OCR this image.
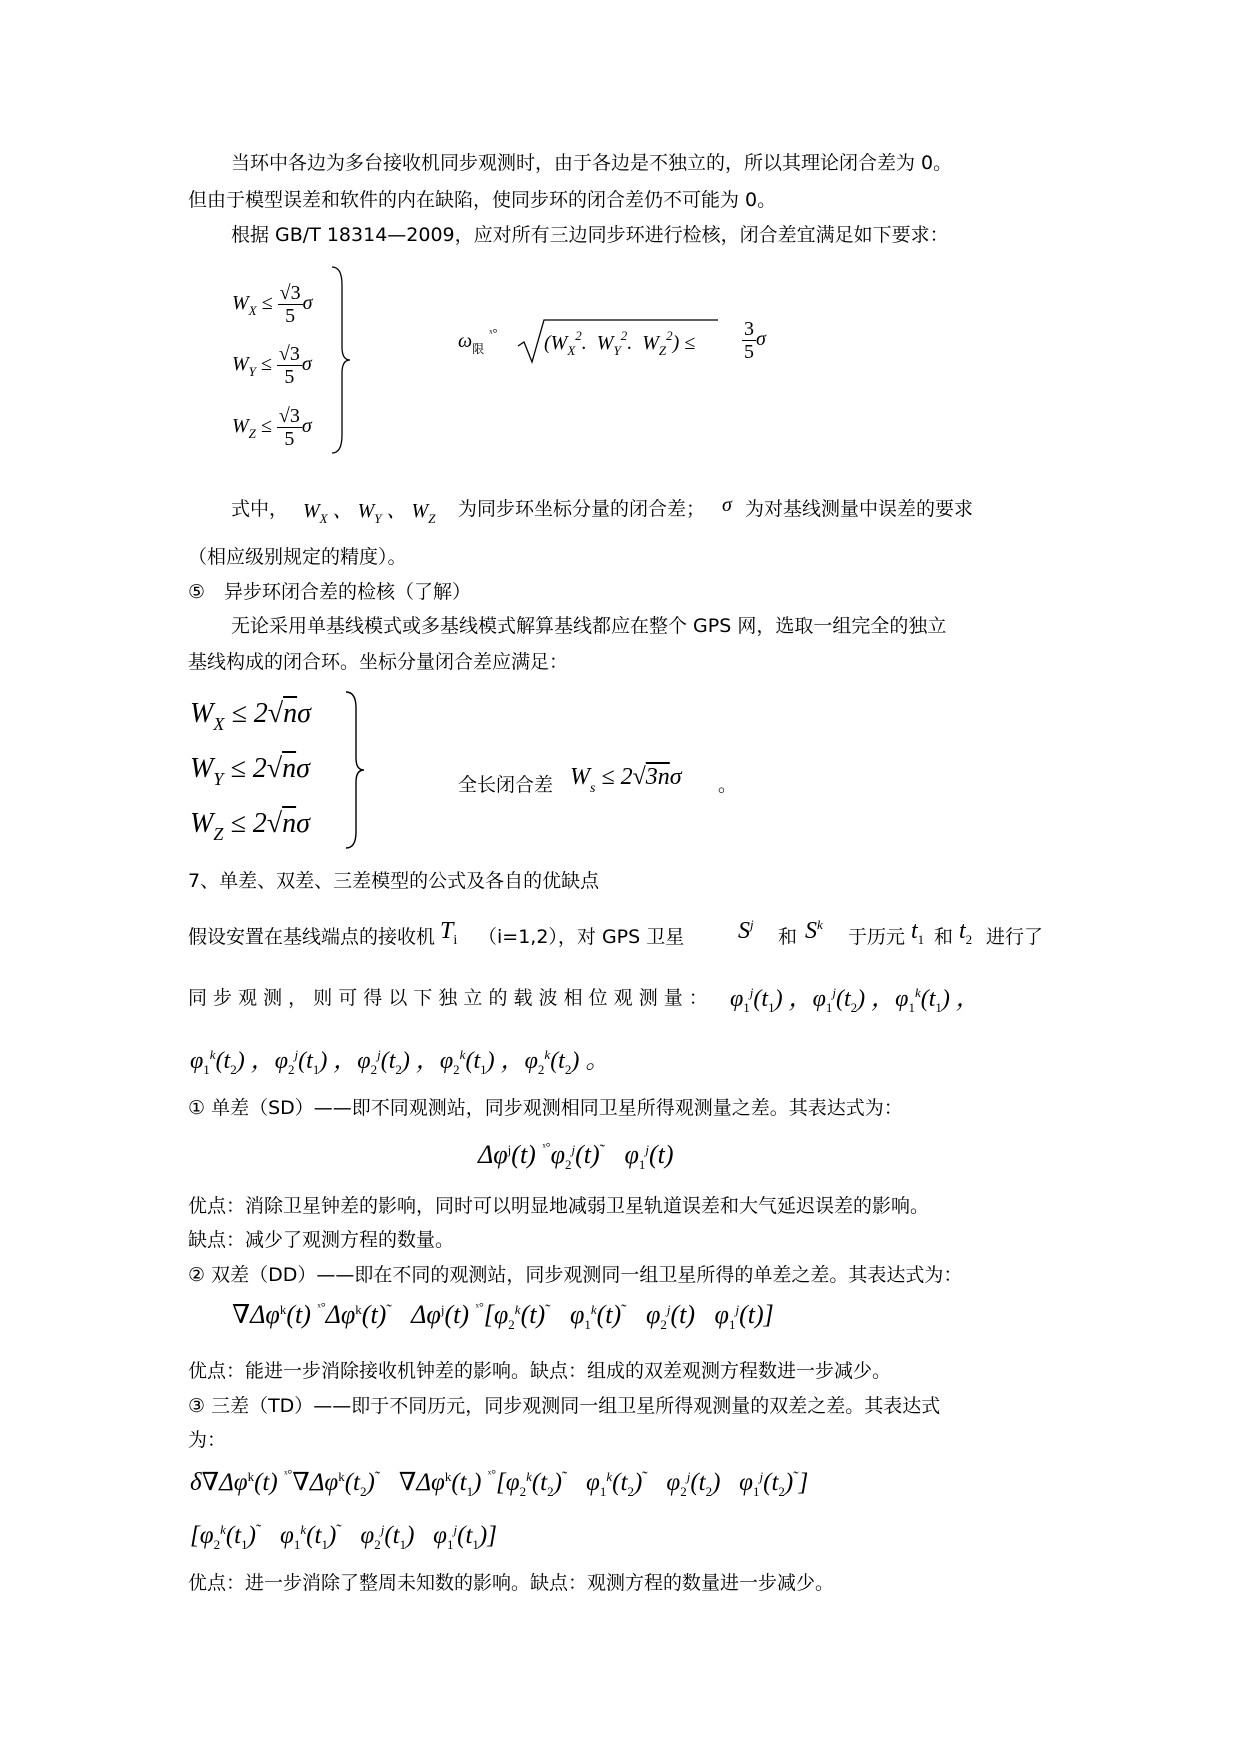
当环中各边为多台接收机同步观测时，由于各边是不独立的，所以其理论闭合差为 0。
但由于模型误差和软件的内在缺陷，使同步环的闭合差仍不可能为 0。
根据 GB/T 18314—2009，应对所有三边同步环进行检核，闭合差宜满足如下要求：
$W_X \le \frac{√3}{5}$ σ
$W_Y \le \frac{√3}{5}$ σ
$W_Z \le \frac{√3}{5}$ σ
$\omega_限$ $^{ˣ^\circ}$ ($W_X^2$.  $W_Y^2$.  $W_Z^2) \le \frac{3}{5}$ σ
式中， $W_X$ 、 $W_Y$ 、 $W_Z$ 为同步环坐标分量的闭合差； σ 为对基线测量中误差的要求
（相应级别规定的精度）。
⑤　异步环闭合差的检核（了解）
无论采用单基线模式或多基线模式解算基线都应在整个 GPS 网，选取一组完全的独立
基线构成的闭合环。坐标分量闭合差应满足：
$W_X \le 2√n\sigma$
$W_Y \le 2√n\sigma$
$W_Z \le 2√n\sigma$
全长闭合差 $W_s \le 2√3n\sigma$ 。
7、单差、双差、三差模型的公式及各自的优缺点
假设安置在基线端点的接收机 $T_i$ （i=1,2），对 GPS 卫星 $S^j$
和 $S^k$
于历元 $t_1$ 和 $t_2$ 进行了
同 步 观 测 ， 则 可 得 以 下 独 立 的 载 波 相 位 观 测 量 ： $\varphi_1^j(t_1)$ ，$\varphi_1^j(t_2)$ ，$\varphi_1^k(t_1)$ ，
$\varphi_1^k(t_2)$ ，$\varphi_2^j(t_1)$ ，$\varphi_2^j(t_2)$ ，$\varphi_2^k(t_1)$ ，$\varphi_2^k(t_2)$ 。
① 单差（SD）——即不同观测站，同步观测相同卫星所得观测量之差。其表达式为：
$\Delta\varphi^j(t)$ $^{ˣ^\circ}\varphi_2^j(t)^˜$   $\varphi_1^j(t)$
优点：消除卫星钟差的影响，同时可以明显地减弱卫星轨道误差和大气延迟误差的影响。
缺点：减少了观测方程的数量。
② 双差（DD）——即在不同的观测站，同步观测同一组卫星所得的单差之差。其表达式为：
$\nabla\Delta\varphi^k(t)$ $^{ˣ^\circ}\Delta\varphi^k(t)^˜$   $\Delta\varphi^j(t)$ $^{ˣ^\circ}[\varphi_2^k(t)^˜$   $\varphi_1^k(t)^˜$   $\varphi_2^j(t)$   $\varphi_1^j(t)$]
优点：能进一步消除接收机钟差的影响。缺点：组成的双差观测方程数进一步减少。
③ 三差（TD）——即于不同历元，同步观测同一组卫星所得观测量的双差之差。其表达式
为：
$\delta\nabla\Delta\varphi^k(t)$ $^{ˣ^\circ}\nabla\Delta\varphi^k(t_2)^˜$   $\nabla\Delta\varphi^k(t_1)$ $^{ˣ^\circ}[\varphi_2^k(t_2)^˜$   $\varphi_1^k(t_2)^˜$   $\varphi_2^j(t_2)$   $\varphi_1^j(t_2)^˜$]
[$\varphi_2^k(t_1)^˜$   $\varphi_1^k(t_1)^˜$   $\varphi_2^j(t_1)$   $\varphi_1^j(t_1)$]
优点：进一步消除了整周未知数的影响。缺点：观测方程的数量进一步减少。
